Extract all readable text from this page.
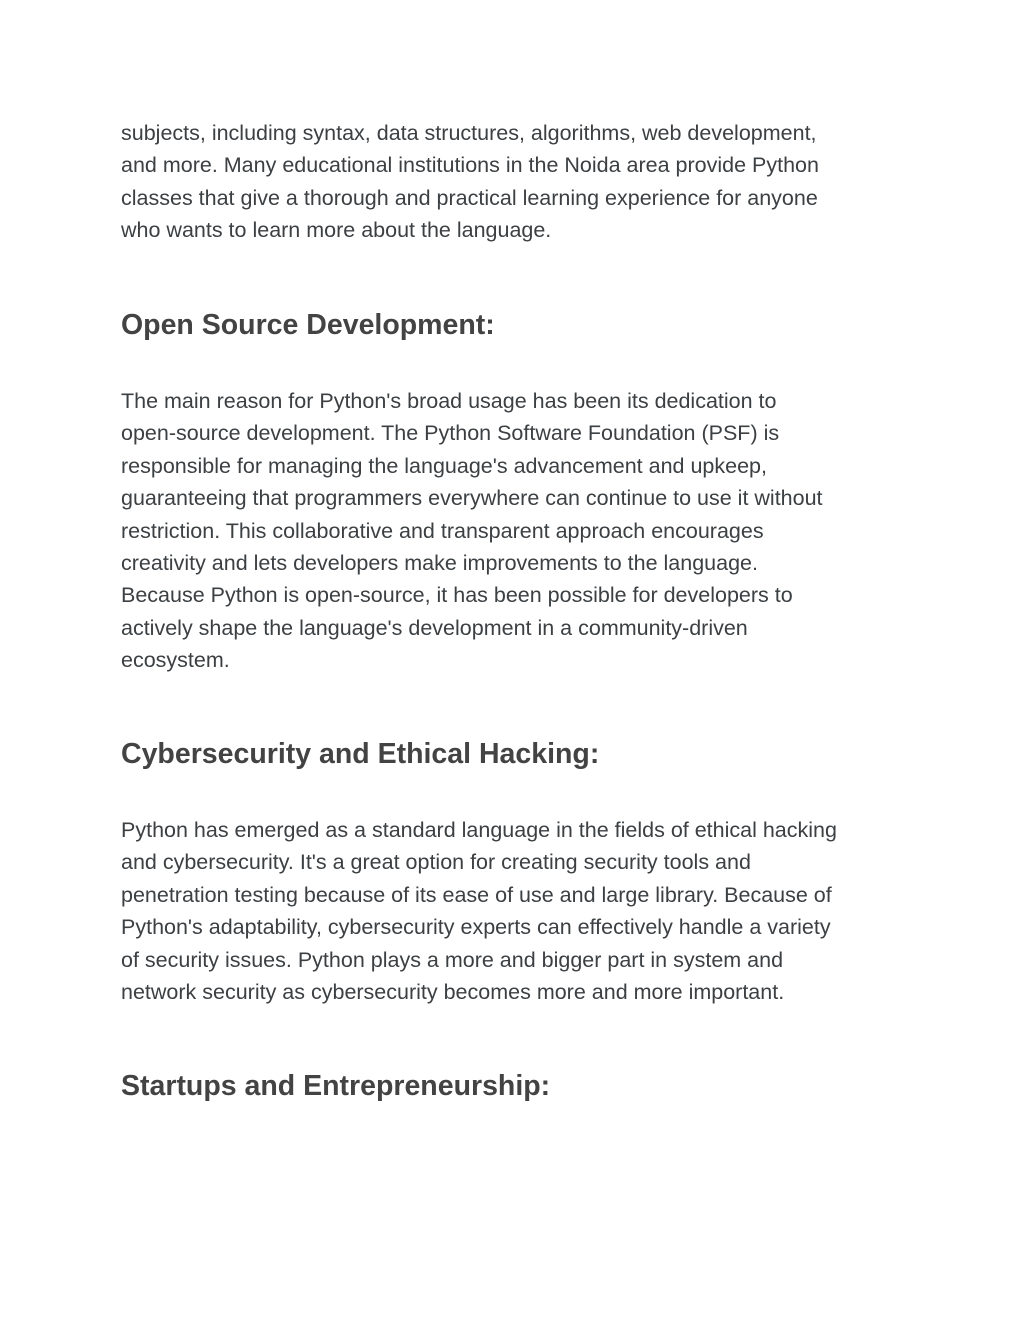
subjects, including syntax, data structures, algorithms, web development,
and more. Many educational institutions in the Noida area provide Python
classes that give a thorough and practical learning experience for anyone
who wants to learn more about the language.

Open Source Development:

The main reason for Python's broad usage has been its dedication to
open-source development. The Python Software Foundation (PSF) is
responsible for managing the language's advancement and upkeep,
guaranteeing that programmers everywhere can continue to use it without
restriction. This collaborative and transparent approach encourages
creativity and lets developers make improvements to the language.
Because Python is open-source, it has been possible for developers to
actively shape the language's development in a community-driven
ecosystem.

Cybersecurity and Ethical Hacking:

Python has emerged as a standard language in the fields of ethical hacking
and cybersecurity. It's a great option for creating security tools and
penetration testing because of its ease of use and large library. Because of
Python's adaptability, cybersecurity experts can effectively handle a variety
of security issues. Python plays a more and bigger part in system and
network security as cybersecurity becomes more and more important.

Startups and Entrepreneurship:
